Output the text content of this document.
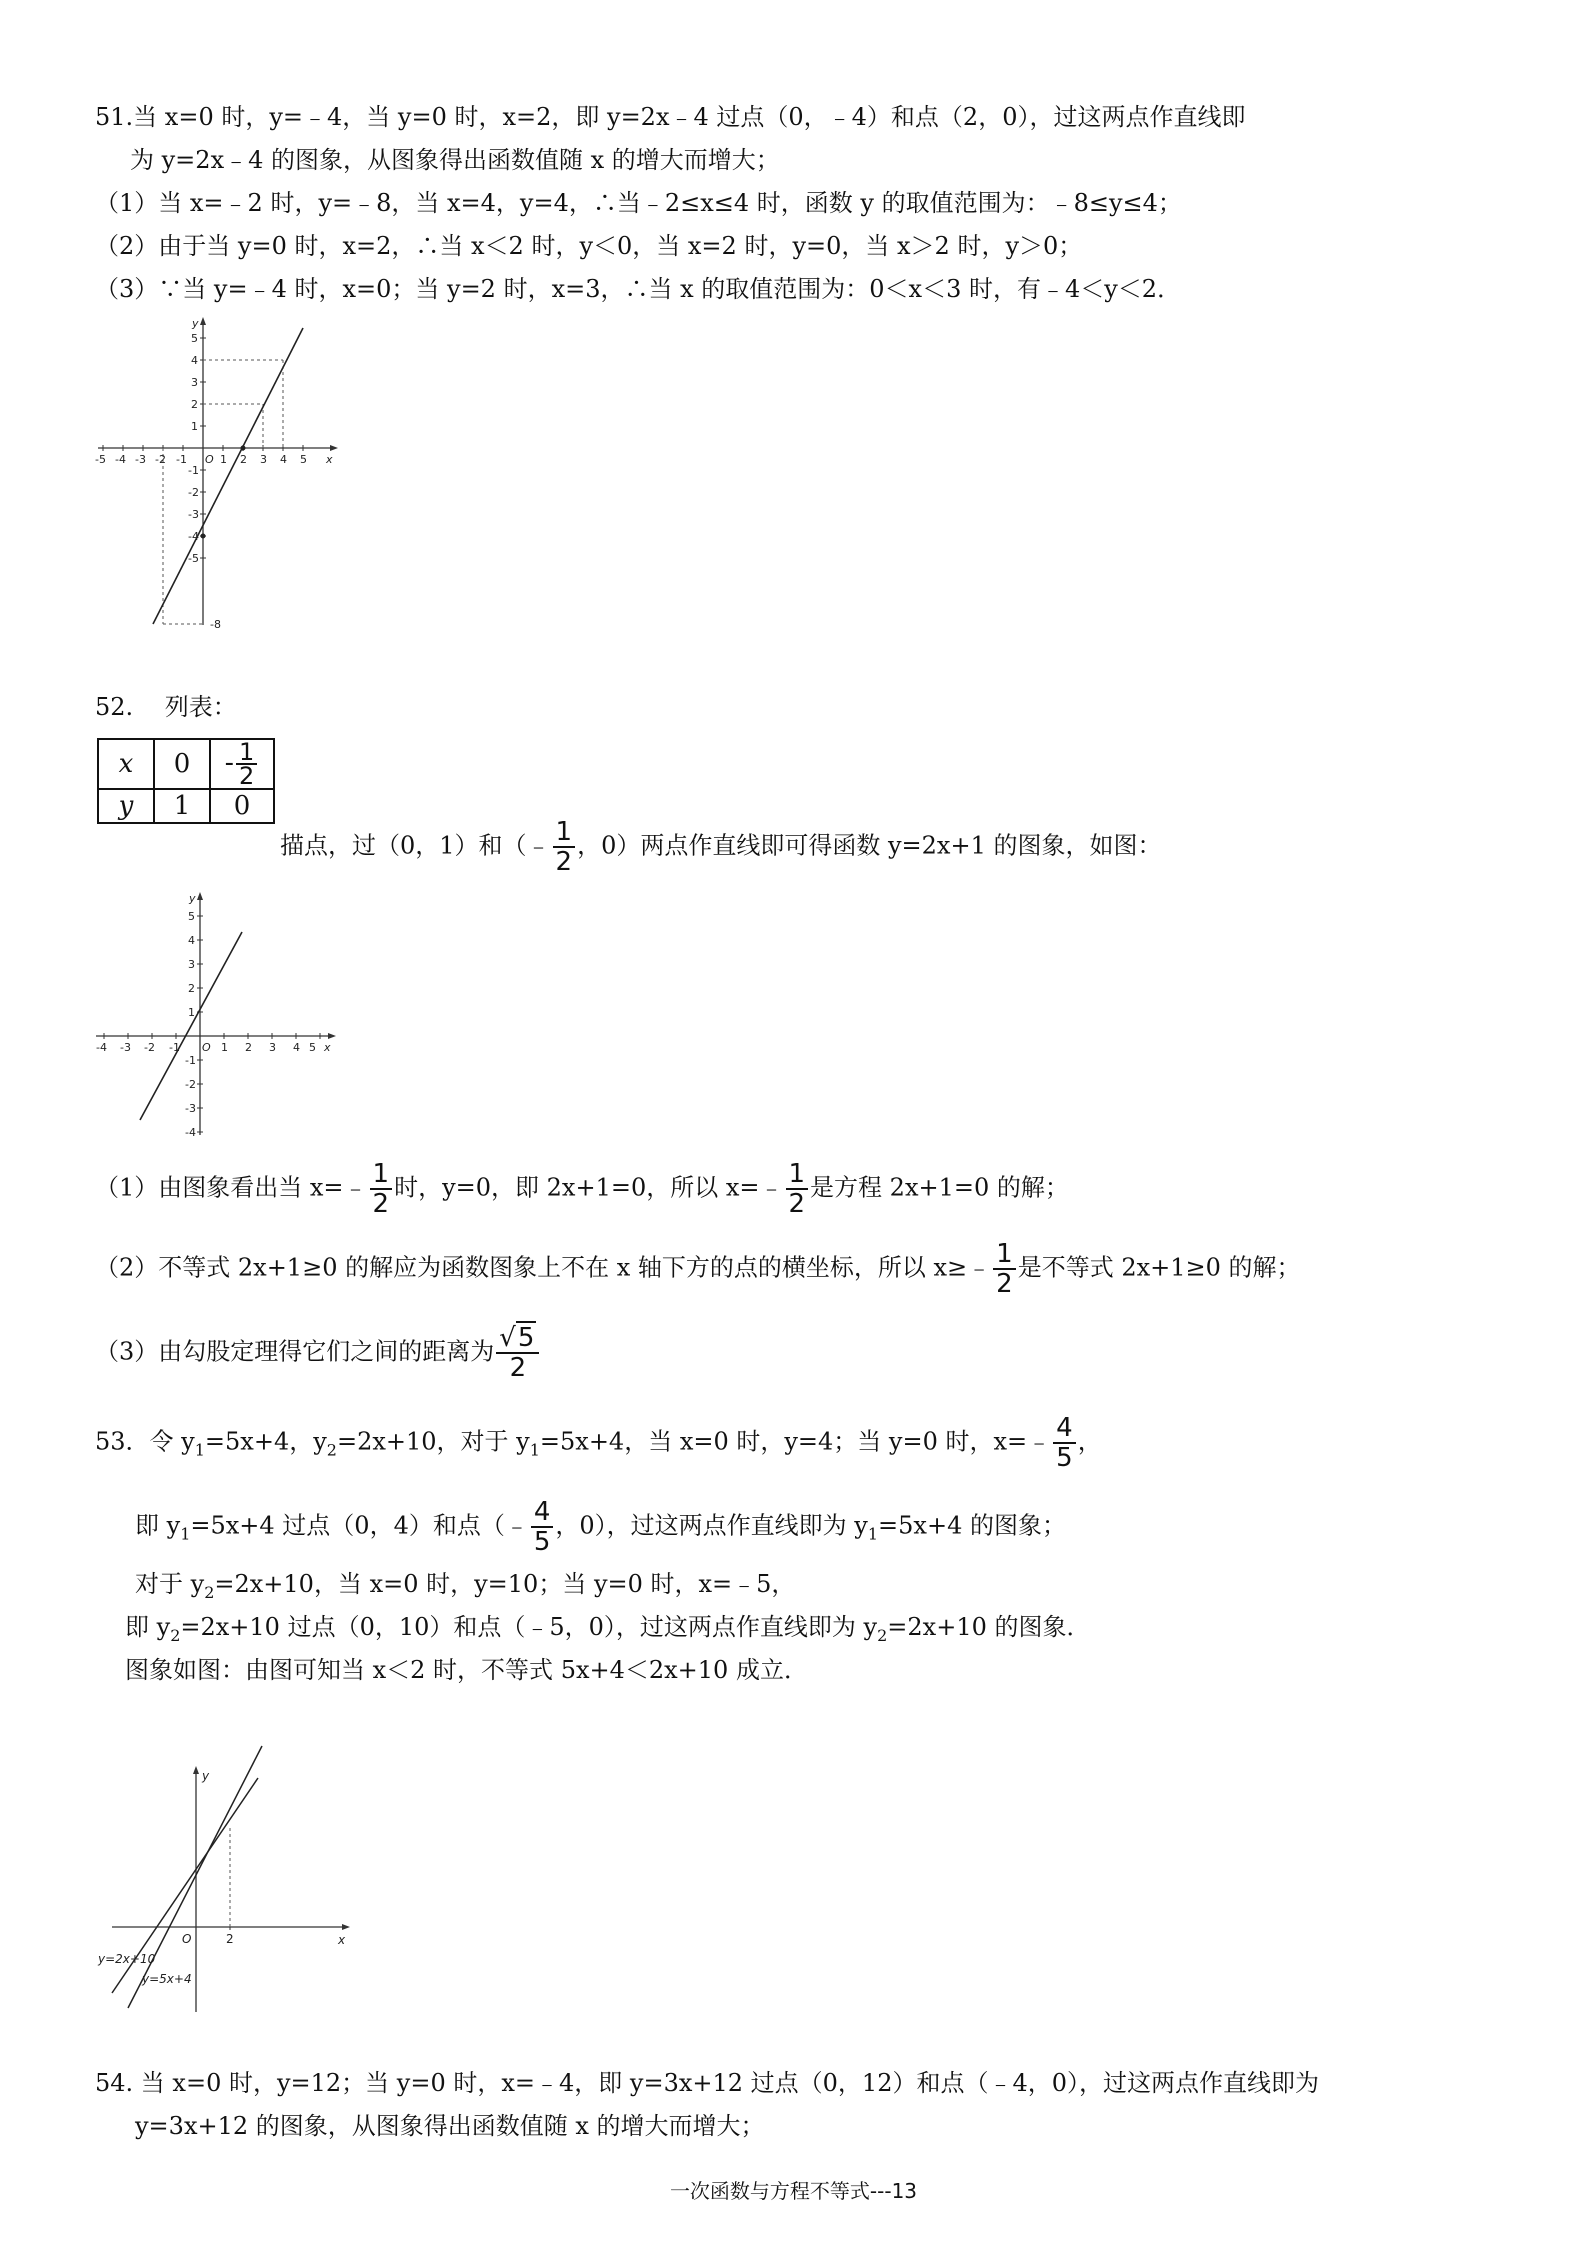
51.当 x=0 时，y=﹣4，当 y=0 时，x=2，即 y=2x﹣4 过点（0，﹣4）和点（2，0），过这两点作直线即
为 y=2x﹣4 的图象，从图象得出函数值随 x 的增大而增大；
（1）当 x=﹣2 时，y=﹣8，当 x=4，y=4，∴当﹣2≤x≤4 时，函数 y 的取值范围为：﹣8≤y≤4；
（2）由于当 y=0 时，x=2，∴当 x＜2 时，y＜0，当 x=2 时，y=0，当 x＞2 时，y＞0；
（3）∵当 y=﹣4 时，x=0；当 y=2 时，x=3，∴当 x 的取值范围为：0＜x＜3 时，有﹣4＜y＜2．
-5 -4 -3 -2 -1	1 2 3 4 5
5
4
3
2
1
-1
-2
-3
-4
-5
-8
O	x
y
52.　 列表：
x	0	- $\frac{1}{2}$

y	1	0
描点，过（0，1）和（﹣ $\frac{1}{2}$ ，0）两点作直线即可得函数 y=2x+1 的图象，如图：
-4 -3 -2 -1	1 2 3 4 5
5
4
3
2
1
-1
-2
-3
-4
O	x
y
（1）由图象看出当 x=﹣ $\frac{1}{2}$ 时，y=0，即 2x+1=0，所以 x=﹣ $\frac{1}{2}$ 是方程 2x+1=0 的解；
（2）不等式 2x+1≥0 的解应为函数图象上不在 x 轴下方的点的横坐标，所以 x≥﹣ $\frac{1}{2}$ 是不等式 2x+1≥0 的解；
（3）由勾股定理得它们之间的距离为 $\frac{√5}{2}$
53．令 $y_1=5x+4$，$y_2=2x+10$，对于 $y_1=5x+4$，当 x=0 时，y=4；当 y=0 时，x=﹣ $\frac{4}{5}$ ，
即 $y_1=5x+4$ 过点（0，4）和点（﹣ $\frac{4}{5}$ ，0），过这两点作直线即为 $y_1=5x+4$ 的图象；
对于 $y_2=2x+10$，当 x=0 时，y=10；当 y=0 时，x=﹣5，
即 $y_2=2x+10$ 过点（0，10）和点（﹣5，0），过这两点作直线即为 $y_2=2x+10$ 的图象．
图象如图：由图可知当 x＜2 时，不等式 5x+4＜2x+10 成立．
O	2	x
y
y=2x+10
y=5x+4
54. 当 x=0 时，y=12；当 y=0 时，x=﹣4，即 y=3x+12 过点（0，12）和点（﹣4，0），过这两点作直线即为
y=3x+12 的图象，从图象得出函数值随 x 的增大而增大；
一次函数与方程不等式---13
